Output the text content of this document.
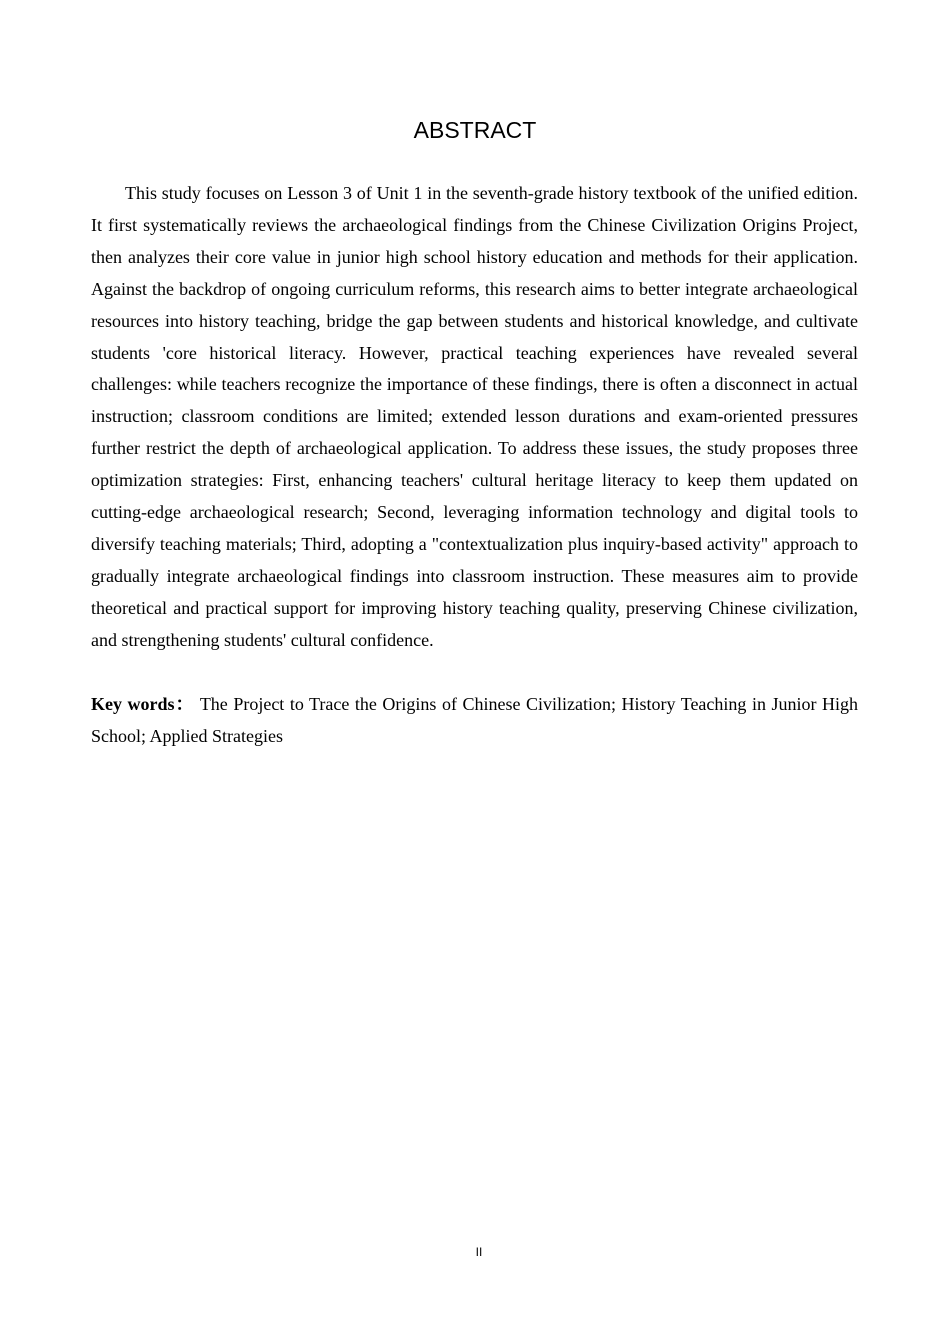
ABSTRACT

This study focuses on Lesson 3 of Unit 1 in the seventh-grade history textbook of the unified edition. It first systematically reviews the archaeological findings from the Chinese Civilization Origins Project, then analyzes their core value in junior high school history education and methods for their application. Against the backdrop of ongoing curriculum reforms, this research aims to better integrate archaeological resources into history teaching, bridge the gap between students and historical knowledge, and cultivate students 'core historical literacy. However, practical teaching experiences have revealed several challenges: while teachers recognize the importance of these findings, there is often a disconnect in actual instruction; classroom conditions are limited; extended lesson durations and exam-oriented pressures further restrict the depth of archaeological application. To address these issues, the study proposes three optimization strategies: First, enhancing teachers' cultural heritage literacy to keep them updated on cutting-edge archaeological research; Second, leveraging information technology and digital tools to diversify teaching materials; Third, adopting a "contextualization plus inquiry-based activity" approach to gradually integrate archaeological findings into classroom instruction. These measures aim to provide theoretical and practical support for improving history teaching quality, preserving Chinese civilization, and strengthening students' cultural confidence.

Key words： The Project to Trace the Origins of Chinese Civilization; History Teaching in Junior High School; Applied Strategies

II
